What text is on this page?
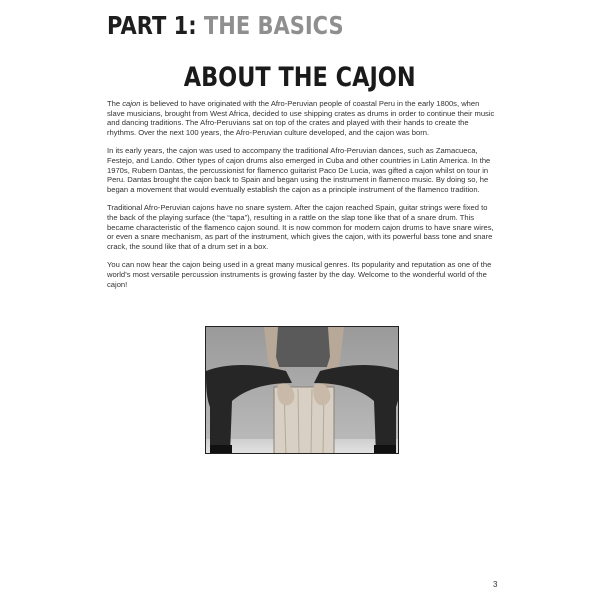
PART 1: THE BASICS
ABOUT THE CAJON

The cajon is believed to have originated with the Afro-Peruvian people of coastal Peru in the early 1800s, when slave musicians, brought from West Africa, decided to use shipping crates as drums in order to continue their music and dancing traditions. The Afro-Peruvians sat on top of the crates and played with their hands to create the rhythms. Over the next 100 years, the Afro-Peruvian culture developed, and the cajon was born.

In its early years, the cajon was used to accompany the traditional Afro-Peruvian dances, such as Zamacueca, Festejo, and Lando. Other types of cajon drums also emerged in Cuba and other countries in Latin America. In the 1970s, Rubern Dantas, the percussionist for flamenco guitarist Paco De Lucia, was gifted a cajon whilst on tour in Peru. Dantas brought the cajon back to Spain and began using the instrument in flamenco music. By doing so, he began a movement that would eventually establish the cajon as a principle instrument of the flamenco tradition.

Traditional Afro-Peruvian cajons have no snare system. After the cajon reached Spain, guitar strings were fixed to the back of the playing surface (the “tapa”), resulting in a rattle on the slap tone like that of a snare drum. This became characteristic of the flamenco cajon sound. It is now common for modern cajon drums to have snare wires, or even a snare mechanism, as part of the instrument, which gives the cajon, with its powerful bass tone and snare crack, the sound like that of a drum set in a box.

You can now hear the cajon being used in a great many musical genres. Its popularity and reputation as one of the world’s most versatile percussion instruments is growing faster by the day. Welcome to the wonderful world of the cajon!

3
